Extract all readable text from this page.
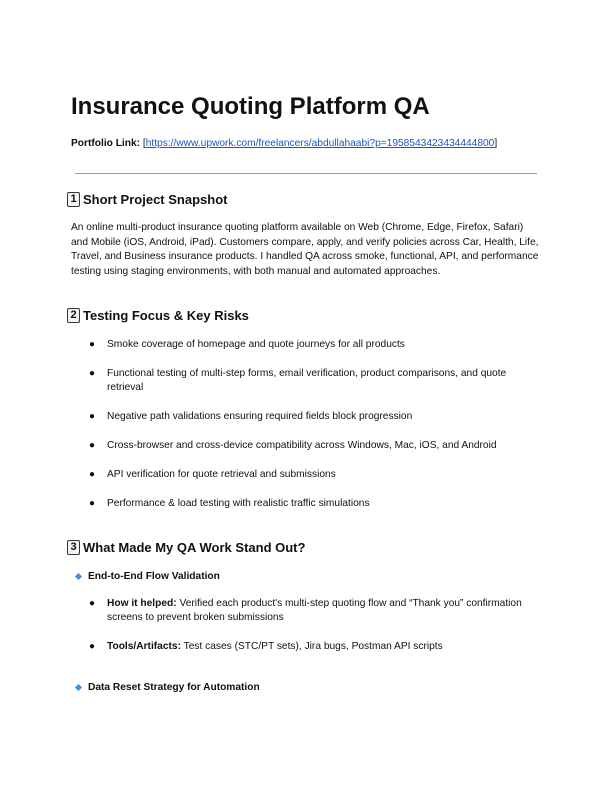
Insurance Quoting Platform QA
Portfolio Link: [https://www.upwork.com/freelancers/abdullahaabi?p=1958543423434444800]
1 Short Project Snapshot
An online multi-product insurance quoting platform available on Web (Chrome, Edge, Firefox, Safari) and Mobile (iOS, Android, iPad). Customers compare, apply, and verify policies across Car, Health, Life, Travel, and Business insurance products. I handled QA across smoke, functional, API, and performance testing using staging environments, with both manual and automated approaches.
2 Testing Focus & Key Risks
● Smoke coverage of homepage and quote journeys for all products
● Functional testing of multi-step forms, email verification, product comparisons, and quote retrieval
● Negative path validations ensuring required fields block progression
● Cross-browser and cross-device compatibility across Windows, Mac, iOS, and Android
● API verification for quote retrieval and submissions
● Performance & load testing with realistic traffic simulations
3 What Made My QA Work Stand Out?
End-to-End Flow Validation
● How it helped: Verified each product's multi-step quoting flow and “Thank you” confirmation screens to prevent broken submissions
● Tools/Artifacts: Test cases (STC/PT sets), Jira bugs, Postman API scripts
Data Reset Strategy for Automation
